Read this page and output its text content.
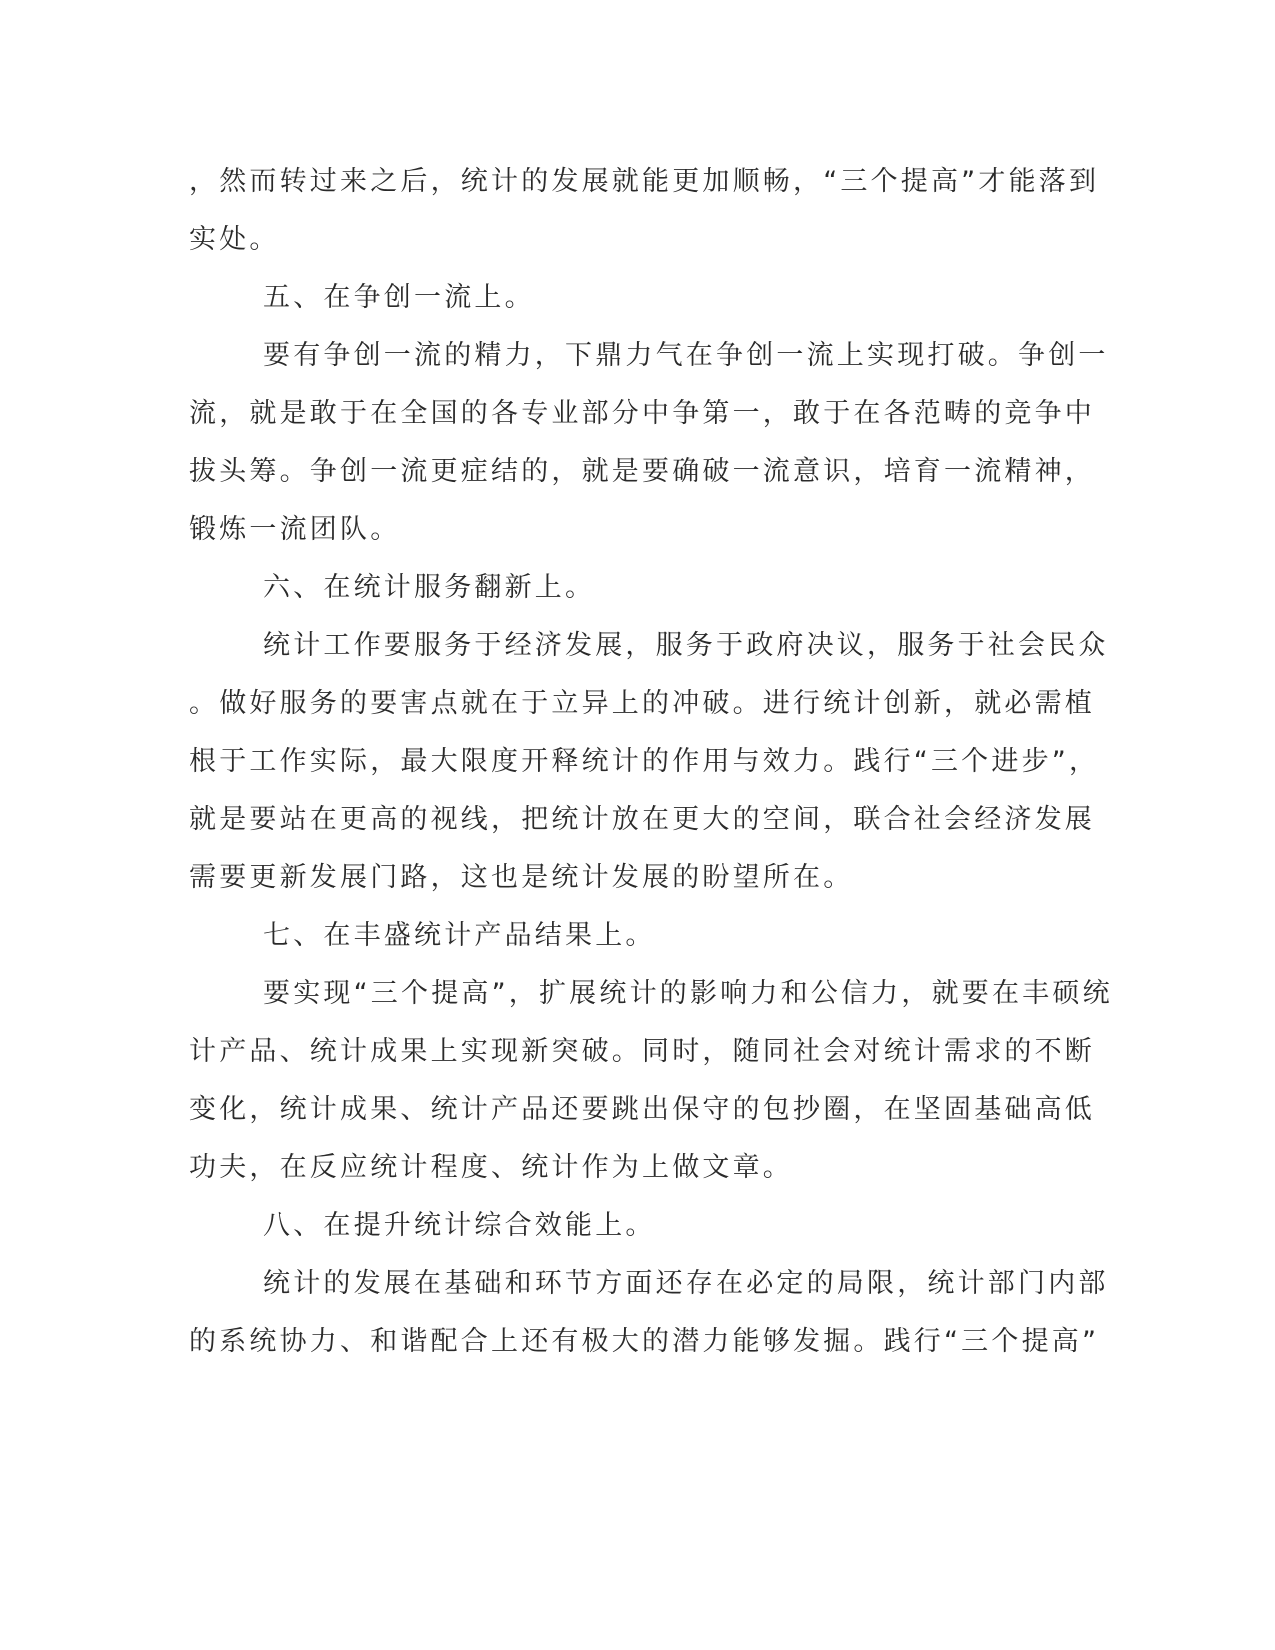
，然而转过来之后，统计的发展就能更加顺畅，“三个提高”才能落到

实处。

五、在争创一流上。

要有争创一流的精力，下鼎力气在争创一流上实现打破。争创一

流，就是敢于在全国的各专业部分中争第一，敢于在各范畴的竞争中

拔头筹。争创一流更症结的，就是要确破一流意识，培育一流精神，

锻炼一流团队。

六、在统计服务翻新上。

统计工作要服务于经济发展，服务于政府决议，服务于社会民众

。做好服务的要害点就在于立异上的冲破。进行统计创新，就必需植

根于工作实际，最大限度开释统计的作用与效力。践行“三个进步”，

就是要站在更高的视线，把统计放在更大的空间，联合社会经济发展

需要更新发展门路，这也是统计发展的盼望所在。

七、在丰盛统计产品结果上。

要实现“三个提高”，扩展统计的影响力和公信力，就要在丰硕统

计产品、统计成果上实现新突破。同时，随同社会对统计需求的不断

变化，统计成果、统计产品还要跳出保守的包抄圈，在坚固基础高低

功夫，在反应统计程度、统计作为上做文章。

八、在提升统计综合效能上。

统计的发展在基础和环节方面还存在必定的局限，统计部门内部

的系统协力、和谐配合上还有极大的潜力能够发掘。践行“三个提高”
